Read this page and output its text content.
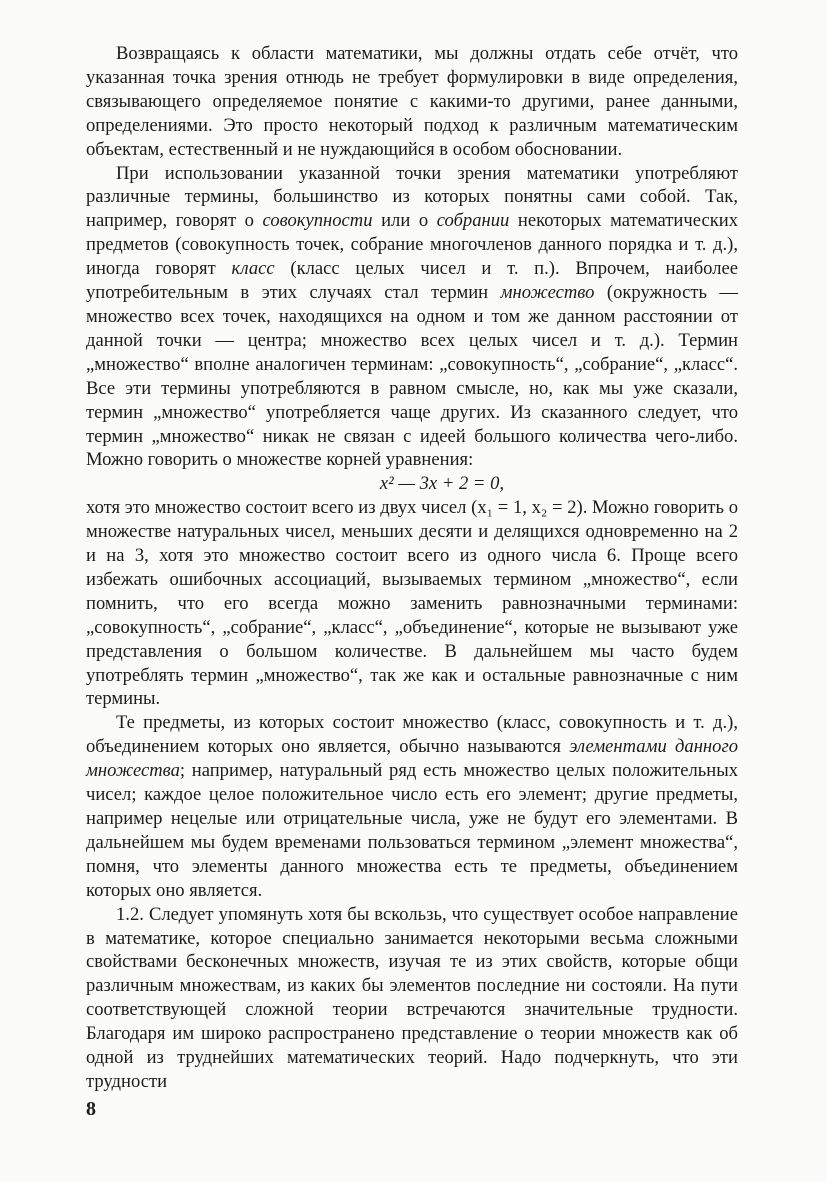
Возвращаясь к области математики, мы должны отдать себе отчёт, что указанная точка зрения отнюдь не требует формулировки в виде определения, связывающего определяемое понятие с какими-то другими, ранее данными, определениями. Это просто некоторый подход к различным математическим объектам, естественный и не нуждающийся в особом обосновании.

При использовании указанной точки зрения математики употребляют различные термины, большинство из которых понятны сами собой. Так, например, говорят о совокупности или о собрании некоторых математических предметов (совокупность точек, собрание многочленов данного порядка и т. д.), иногда говорят класс (класс целых чисел и т. п.). Впрочем, наиболее употребительным в этих случаях стал термин множество (окружность — множество всех точек, находящихся на одном и том же данном расстоянии от данной точки — центра; множество всех целых чисел и т. д.). Термин „множество“ вполне аналогичен терминам: „совокупность“, „собрание“, „класс“. Все эти термины употребляются в равном смысле, но, как мы уже сказали, термин „множество“ употребляется чаще других. Из сказанного следует, что термин „множество“ никак не связан с идеей большого количества чего-либо. Можно говорить о множестве корней уравнения:

x² — 3x + 2 = 0,

хотя это множество состоит всего из двух чисел (x₁ = 1, x₂ = 2). Можно говорить о множестве натуральных чисел, меньших десяти и делящихся одновременно на 2 и на 3, хотя это множество состоит всего из одного числа 6. Проще всего избежать ошибочных ассоциаций, вызываемых термином „множество“, если помнить, что его всегда можно заменить равнозначными терминами: „совокупность“, „собрание“, „класс“, „объединение“, которые не вызывают уже представления о большом количестве. В дальнейшем мы часто будем употреблять термин „множество“, так же как и остальные равнозначные с ним термины.

Те предметы, из которых состоит множество (класс, совокупность и т. д.), объединением которых оно является, обычно называются элементами данного множества; например, натуральный ряд есть множество целых положительных чисел; каждое целое положительное число есть его элемент; другие предметы, например нецелые или отрицательные числа, уже не будут его элементами. В дальнейшем мы будем временами пользоваться термином „элемент множества“, помня, что элементы данного множества есть те предметы, объединением которых оно является.

1.2. Следует упомянуть хотя бы вскользь, что существует особое направление в математике, которое специально занимается некоторыми весьма сложными свойствами бесконечных множеств, изучая те из этих свойств, которые общи различным множествам, из каких бы элементов последние ни состояли. На пути соответствующей сложной теории встречаются значительные трудности. Благодаря им широко распространено представление о теории множеств как об одной из труднейших математических теорий. Надо подчеркнуть, что эти трудности

8
